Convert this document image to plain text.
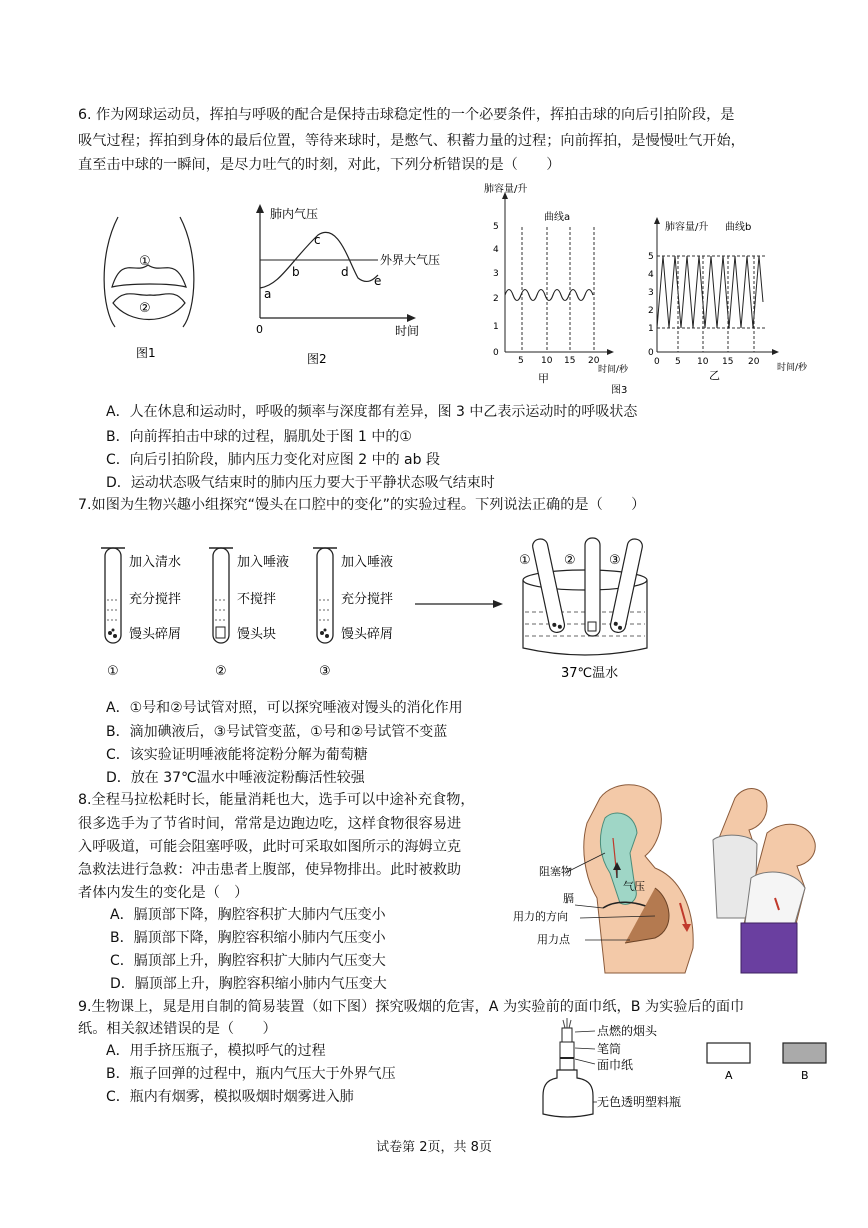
6. 作为网球运动员，挥拍与呼吸的配合是保持击球稳定性的一个必要条件，挥拍击球的向后引拍阶段，是
吸气过程；挥拍到身体的最后位置，等待来球时，是憋气、积蓄力量的过程；向前挥拍，是慢慢吐气开始，
直至击中球的一瞬间，是尽力吐气的时刻，对此，下列分析错误的是（　　）
①
②
图1
肺内气压
外界大气压
0	时间
a
b
c
d
e
图2
肺容量/升
曲线a
0
1
2
3
4
5
5 10 15 20
时间/秒
甲
图3
肺容量/升 曲线b
0
1
2
3
4
5
0 5 10 15 20
时间/秒
乙
A．人在休息和运动时，呼吸的频率与深度都有差异，图 3 中乙表示运动时的呼吸状态
B．向前挥拍击中球的过程，膈肌处于图 1 中的①
C．向后引拍阶段，肺内压力变化对应图 2 中的 ab 段
D．运动状态吸气结束时的肺内压力要大于平静状态吸气结束时
7.如图为生物兴趣小组探究“馒头在口腔中的变化”的实验过程。下列说法正确的是（　　）
加入清水
充分搅拌
馒头碎屑
①
加入唾液
不搅拌
馒头块
②
加入唾液
充分搅拌
馒头碎屑
③
①	②	③
37℃温水
A．①号和②号试管对照，可以探究唾液对馒头的消化作用
B．滴加碘液后，③号试管变蓝，①号和②号试管不变蓝
C．该实验证明唾液能将淀粉分解为葡萄糖
D．放在 37℃温水中唾液淀粉酶活性较强
8.全程马拉松耗时长，能量消耗也大，选手可以中途补充食物，
很多选手为了节省时间，常常是边跑边吃，这样食物很容易进
入呼吸道，可能会阻塞呼吸，此时可采取如图所示的海姆立克
急救法进行急救：冲击患者上腹部，使异物排出。此时被救助
者体内发生的变化是（　）
A．膈顶部下降，胸腔容积扩大肺内气压变小
B．膈顶部下降，胸腔容积缩小肺内气压变小
C．膈顶部上升，胸腔容积扩大肺内气压变大
D．膈顶部上升，胸腔容积缩小肺内气压变大
阻塞物
膈
气压
用力的方向
用力点
9.生物课上，晁是用自制的简易装置（如下图）探究吸烟的危害，A 为实验前的面巾纸，B 为实验后的面巾
纸。相关叙述错误的是（　　）
A．用手挤压瓶子，模拟呼气的过程
B．瓶子回弹的过程中，瓶内气压大于外界气压
C．瓶内有烟雾，模拟吸烟时烟雾进入肺
点燃的烟头
笔筒
面巾纸
无色透明塑料瓶
A	B
试卷第 2页，共 8页
